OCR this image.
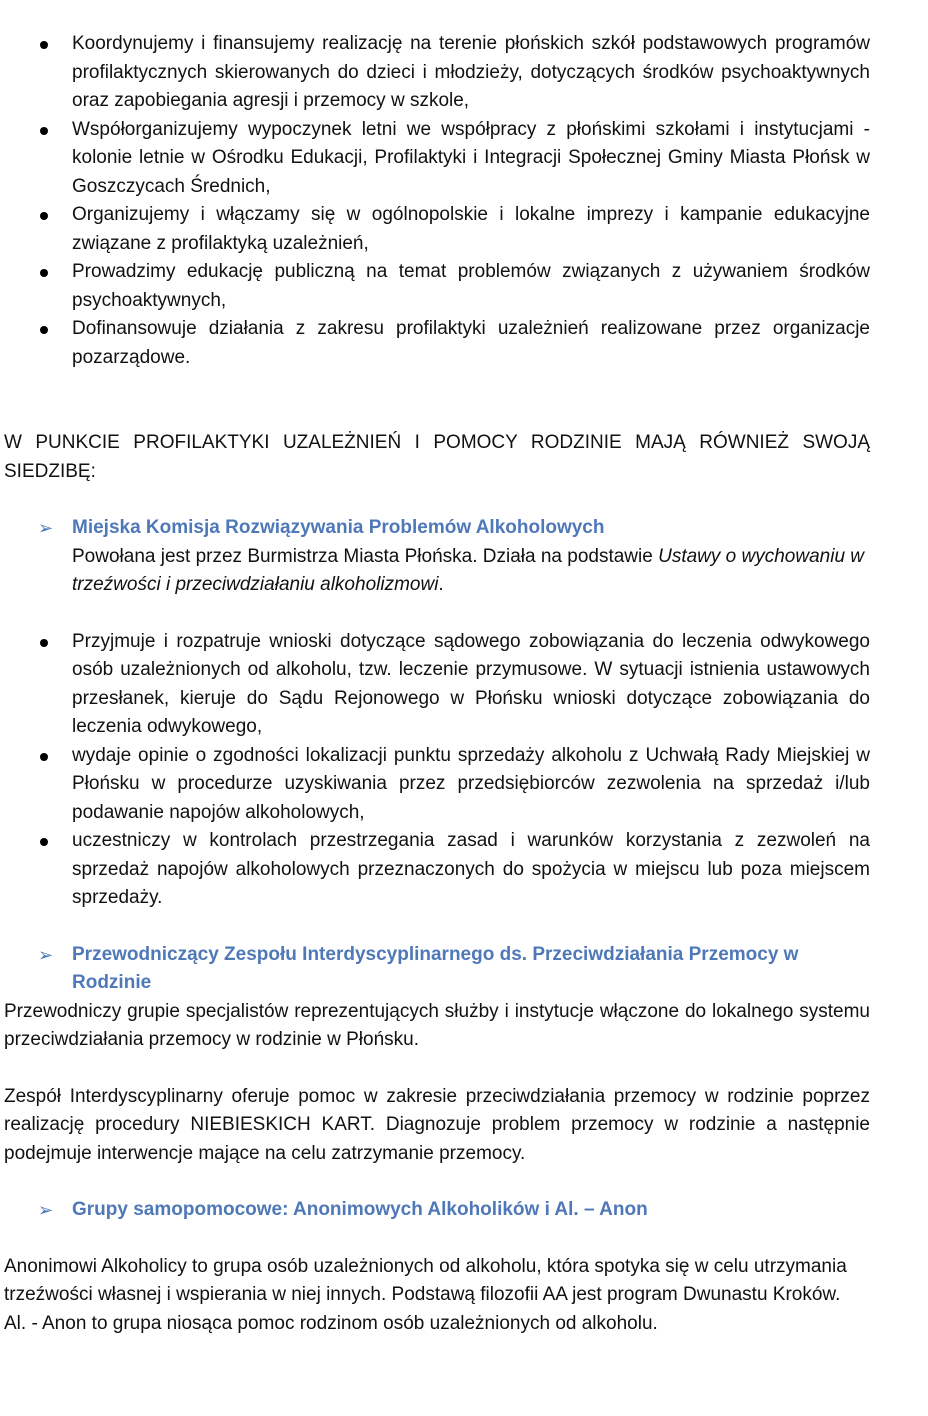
Koordynujemy i finansujemy realizację na terenie płońskich szkół podstawowych programów profilaktycznych skierowanych do dzieci i młodzieży, dotyczących środków psychoaktywnych oraz zapobiegania agresji i przemocy w szkole,
Współorganizujemy wypoczynek letni we współpracy z płońskimi szkołami i instytucjami - kolonie letnie w Ośrodku Edukacji, Profilaktyki i Integracji Społecznej Gminy Miasta Płońsk w Goszczycach Średnich,
Organizujemy i włączamy się w ogólnopolskie i lokalne imprezy i kampanie edukacyjne związane z profilaktyką uzależnień,
Prowadzimy edukację publiczną na temat problemów związanych z używaniem środków psychoaktywnych,
Dofinansowuje działania z zakresu profilaktyki uzależnień realizowane przez organizacje pozarządowe.

W PUNKCIE PROFILAKTYKI UZALEŻNIEŃ I POMOCY RODZINIE MAJĄ RÓWNIEŻ SWOJĄ SIEDZIBĘ:

➢ Miejska Komisja Rozwiązywania Problemów Alkoholowych

Powołana jest przez Burmistrza Miasta Płońska. Działa na podstawie Ustawy o wychowaniu w trzeźwości i przeciwdziałaniu alkoholizmowi.

Przyjmuje i rozpatruje wnioski dotyczące sądowego zobowiązania do leczenia odwykowego osób uzależnionych od alkoholu, tzw. leczenie przymusowe. W sytuacji istnienia ustawowych przesłanek, kieruje do Sądu Rejonowego w Płońsku wnioski dotyczące zobowiązania do leczenia odwykowego,
wydaje opinie o zgodności lokalizacji punktu sprzedaży alkoholu z Uchwałą Rady Miejskiej w Płońsku w procedurze uzyskiwania przez przedsiębiorców zezwolenia na sprzedaż i/lub podawanie napojów alkoholowych,
uczestniczy w kontrolach przestrzegania zasad i warunków korzystania z zezwoleń na sprzedaż napojów alkoholowych przeznaczonych do spożycia w miejscu lub poza miejscem sprzedaży.
➢ Przewodniczący Zespołu Interdyscyplinarnego ds. Przeciwdziałania Przemocy w Rodzinie

Przewodniczy grupie specjalistów reprezentujących służby i instytucje włączone do lokalnego systemu przeciwdziałania przemocy w rodzinie w Płońsku.

Zespół Interdyscyplinarny oferuje pomoc w zakresie przeciwdziałania przemocy w rodzinie poprzez realizację procedury NIEBIESKICH KART. Diagnozuje problem przemocy w rodzinie a następnie podejmuje interwencje mające na celu zatrzymanie przemocy.

➢ Grupy samopomocowe: Anonimowych Alkoholików i Al. – Anon

Anonimowi Alkoholicy to grupa osób uzależnionych od alkoholu, która spotyka się w celu utrzymania trzeźwości własnej i wspierania w niej innych. Podstawą filozofii AA jest program Dwunastu Kroków.

Al. - Anon to grupa niosąca pomoc rodzinom osób uzależnionych od alkoholu.
